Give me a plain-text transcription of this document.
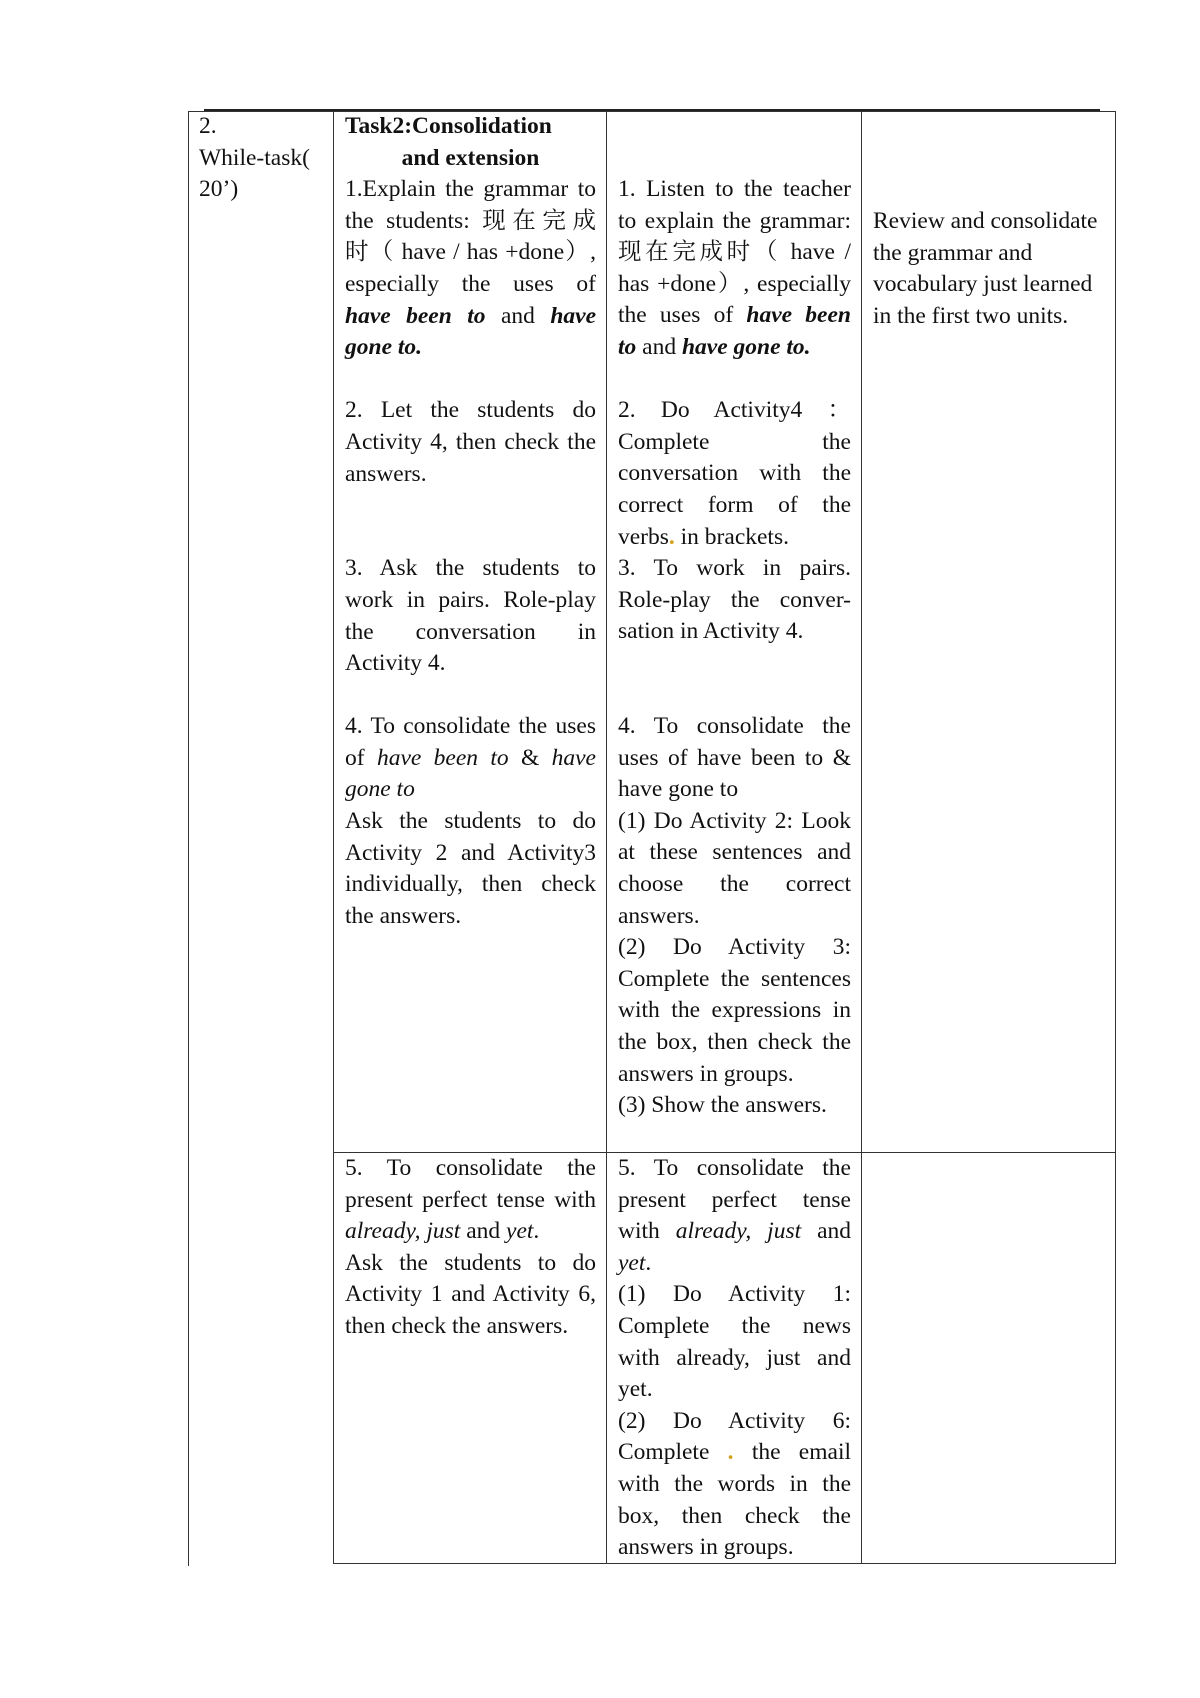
2.

While-task(

20’)

Task2:Consolidation

and extension

1.Explain the grammar to

the students: 现在完成

时（ have / has +done）,

especially the uses of

have been to and have

gone to.

2. Let the students do

Activity 4, then check the

answers.

3. Ask the students to

work in pairs. Role-play

the conversation in

Activity 4.

4. To consolidate the uses

of have been to & have

gone to

Ask the students to do

Activity 2 and Activity3

individually, then check

the answers.

5. To consolidate the

present perfect tense with

already, just and yet.

Ask the students to do

Activity 1 and Activity 6,

then check the answers.

1. Listen to the teacher

to explain the grammar:

现在完成时（ have /

has +done）, especially

the uses of have been

to and have gone to.

2. Do Activity4 ：

Complete the

conversation with the

correct form of the

verbs. in brackets.

3. To work in pairs.

Role-play the conver-

sation in Activity 4.

4. To consolidate the

uses of have been to &

have gone to

(1) Do Activity 2: Look

at these sentences and

choose the correct

answers.

(2) Do Activity 3:

Complete the sentences

with the expressions in

the box, then check the

answers in groups.

(3) Show the answers.

5. To consolidate the

present perfect tense

with already, just and

yet.

(1) Do Activity 1:

Complete the news

with already, just and

yet.

(2) Do Activity 6:

Complete . the email

with the words in the

box, then check the

answers in groups.

Review and consolidate

the grammar and

vocabulary just learned

in the first two units.
